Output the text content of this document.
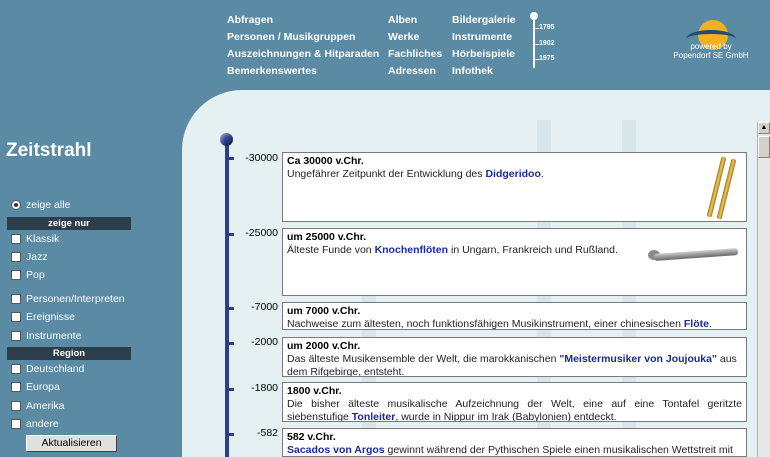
Abfragen
Personen / Musikgruppen
Auszeichnungen & Hitparaden
Bemerkenswertes
Alben
Werke
Fachliches
Adressen
Bildergalerie
Instrumente
Hörbeispiele
Infothek
1795
1902
1975
powered by
Popendorf SE GmbH
Zeitstrahl
zeige alle
zeige nur
Klassik
Jazz
Pop
Personen/Interpreten
Ereignisse
Instrumente
Region
Deutschland
Europa
Amerika
andere
Aktualisieren
▲
-30000
-25000
-7000
-2000
-1800
-582
Ca 30000 v.Chr.
Ungefährer Zeitpunkt der Entwicklung des Didgeridoo.
um 25000 v.Chr.
Älteste Funde von Knochenflöten in Ungarn, Frankreich und Rußland.
um 7000 v.Chr.
Nachweise zum ältesten, noch funktionsfähigen Musikinstrument, einer chinesischen Flöte.
um 2000 v.Chr.
Das älteste Musikensemble der Welt, die marokkanischen "Meistermusiker von Joujouka" aus dem Rifgebirge, entsteht.
1800 v.Chr.
Die bisher älteste musikalische Aufzeichnung der Welt, eine auf eine Tontafel geritzte siebenstufige Tonleiter, wurde in Nippur im Irak (Babylonien) entdeckt.
582 v.Chr.
Sacados von Argos gewinnt während der Pythischen Spiele einen musikalischen Wettstreit mit
